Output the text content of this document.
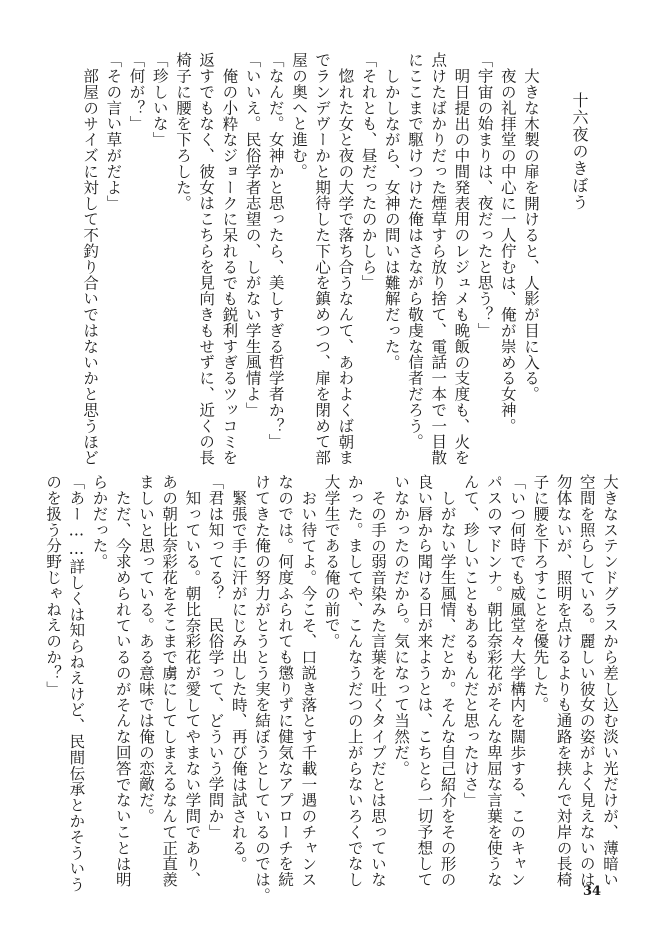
十六夜のきぼう

大きな木製の扉を開けると、人影が目に入る。

夜の礼拝堂の中心に一人佇むは、俺が崇める女神。

「宇宙の始まりは、夜だったと思う？」

明日提出の中間発表用のレジュメも晩飯の支度も、火を

点けたばかりだった煙草すら放り捨て、電話一本で一目散

にここまで駆けつけた俺はさながら敬虔な信者だろう。

しかしながら、女神の問いは難解だった。

「それとも、昼だったのかしら」

惚れた女と夜の大学で落ち合うなんて、あわよくば朝ま

でランデヴーかと期待した下心を鎮めつつ、扉を閉めて部

屋の奥へと進む。

「なんだ。女神かと思ったら、美しすぎる哲学者か？」

「いいえ。民俗学者志望の、しがない学生風情よ」

俺の小粋なジョークに呆れるでも鋭利すぎるツッコミを

返すでもなく、彼女はこちらを見向きもせずに、近くの長

椅子に腰を下ろした。

「珍しいな」

「何が？」

「その言い草がだよ」

部屋のサイズに対して不釣り合いではないかと思うほど

大きなステンドグラスから差し込む淡い光だけが、薄暗い

空間を照らしている。麗しい彼女の姿がよく見えないのは

勿体ないが、照明を点けるよりも通路を挟んで対岸の長椅

子に腰を下ろすことを優先した。

「いつ何時でも威風堂々大学構内を闊歩する、このキャン

パスのマドンナ。朝比奈彩花がそんな卑屈な言葉を使うな

んて、珍しいこともあるもんだと思ったけさ」

しがない学生風情、だとか。そんな自己紹介をその形の

良い唇から聞ける日が来ようとは、こちとら一切予想して

いなかったのだから。気になって当然だ。

その手の弱音染みた言葉を吐くタイプだとは思っていな

かった。ましてや、こんなうだつの上がらないろくでなし

大学生である俺の前で。

おい待てよ。今こそ、口説き落とす千載一遇のチャンス

なのでは。何度ふられても懲りずに健気なアプローチを続

けてきた俺の努力がとうとう実を結ぼうとしているのでは。

緊張で手に汗がにじみ出した時、再び俺は試される。

「君は知ってる？　民俗学って、どういう学問か」

知っている。朝比奈彩花が愛してやまない学問であり、

あの朝比奈彩花をそこまで虜にしてしまえるなんて正直羨

ましいと思っている。ある意味では俺の恋敵だ。

ただ、今求められているのがそんな回答でないことは明

らかだった。

「あー……詳しくは知らねえけど、民間伝承とかそういう

のを扱う分野じゃねえのか？」

34
